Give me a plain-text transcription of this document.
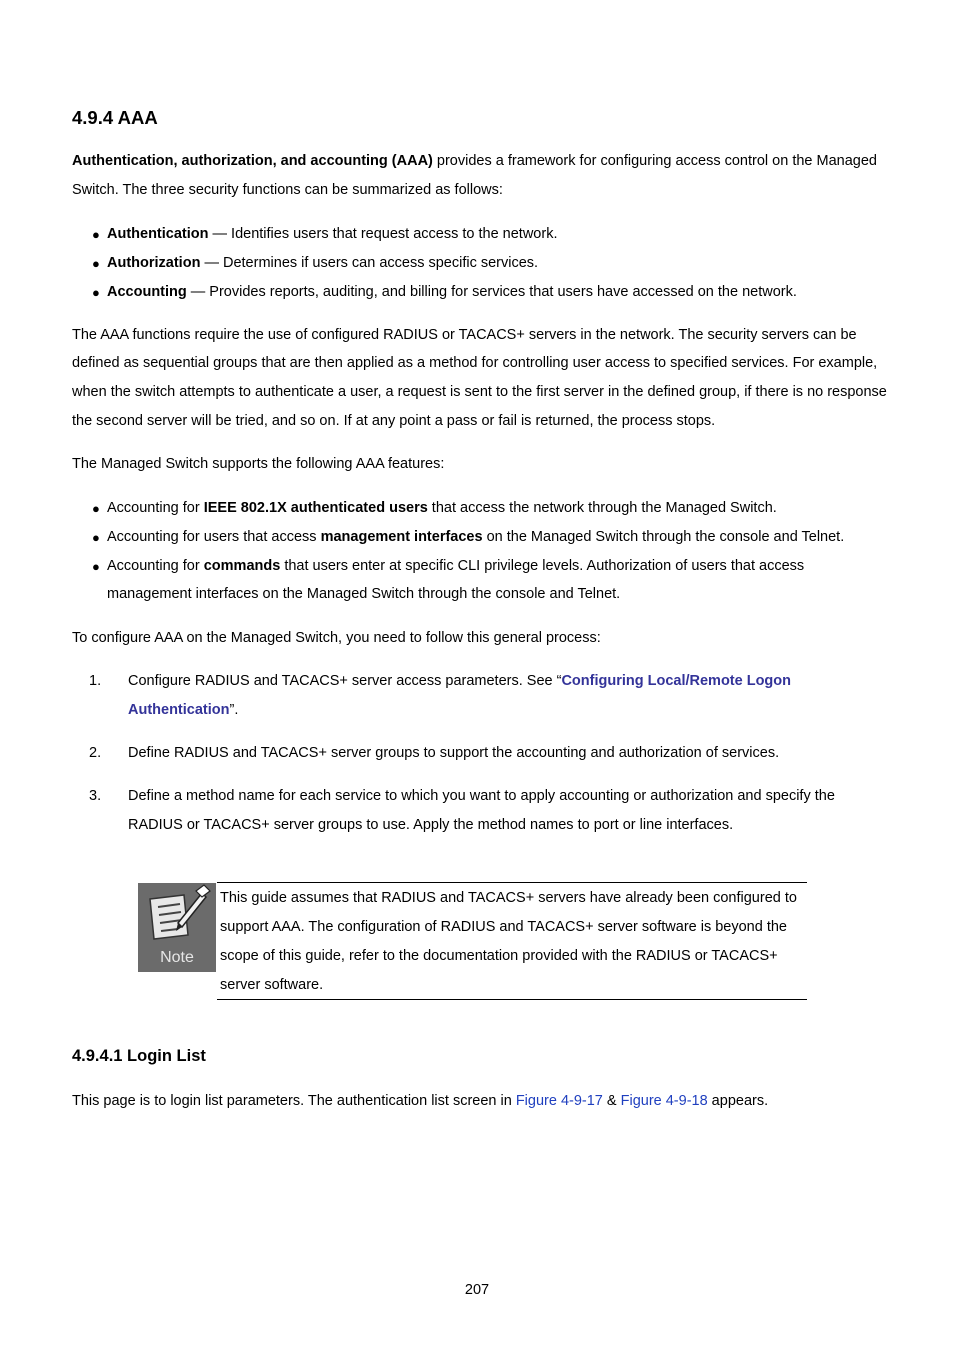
4.9.4 AAA

Authentication, authorization, and accounting (AAA) provides a framework for configuring access control on the Managed

Switch. The three security functions can be summarized as follows:

● Authentication — Identifies users that request access to the network.
● Authorization — Determines if users can access specific services.
● Accounting — Provides reports, auditing, and billing for services that users have accessed on the network.

The AAA functions require the use of configured RADIUS or TACACS+ servers in the network. The security servers can be

defined as sequential groups that are then applied as a method for controlling user access to specified services. For example,

when the switch attempts to authenticate a user, a request is sent to the first server in the defined group, if there is no response

the second server will be tried, and so on. If at any point a pass or fail is returned, the process stops.

The Managed Switch supports the following AAA features:

● Accounting for IEEE 802.1X authenticated users that access the network through the Managed Switch.
● Accounting for users that access management interfaces on the Managed Switch through the console and Telnet.
● Accounting for commands that users enter at specific CLI privilege levels. Authorization of users that access
management interfaces on the Managed Switch through the console and Telnet.

To configure AAA on the Managed Switch, you need to follow this general process:

1. Configure RADIUS and TACACS+ server access parameters. See “Configuring Local/Remote Logon
Authentication”.
2. Define RADIUS and TACACS+ server groups to support the accounting and authorization of services.
3. Define a method name for each service to which you want to apply accounting or authorization and specify the
RADIUS or TACACS+ server groups to use. Apply the method names to port or line interfaces.
Note
This guide assumes that RADIUS and TACACS+ servers have already been configured to
support AAA. The configuration of RADIUS and TACACS+ server software is beyond the
scope of this guide, refer to the documentation provided with the RADIUS or TACACS+
server software.
4.9.4.1 Login List

This page is to login list parameters. The authentication list screen in Figure 4-9-17 & Figure 4-9-18 appears.

207
